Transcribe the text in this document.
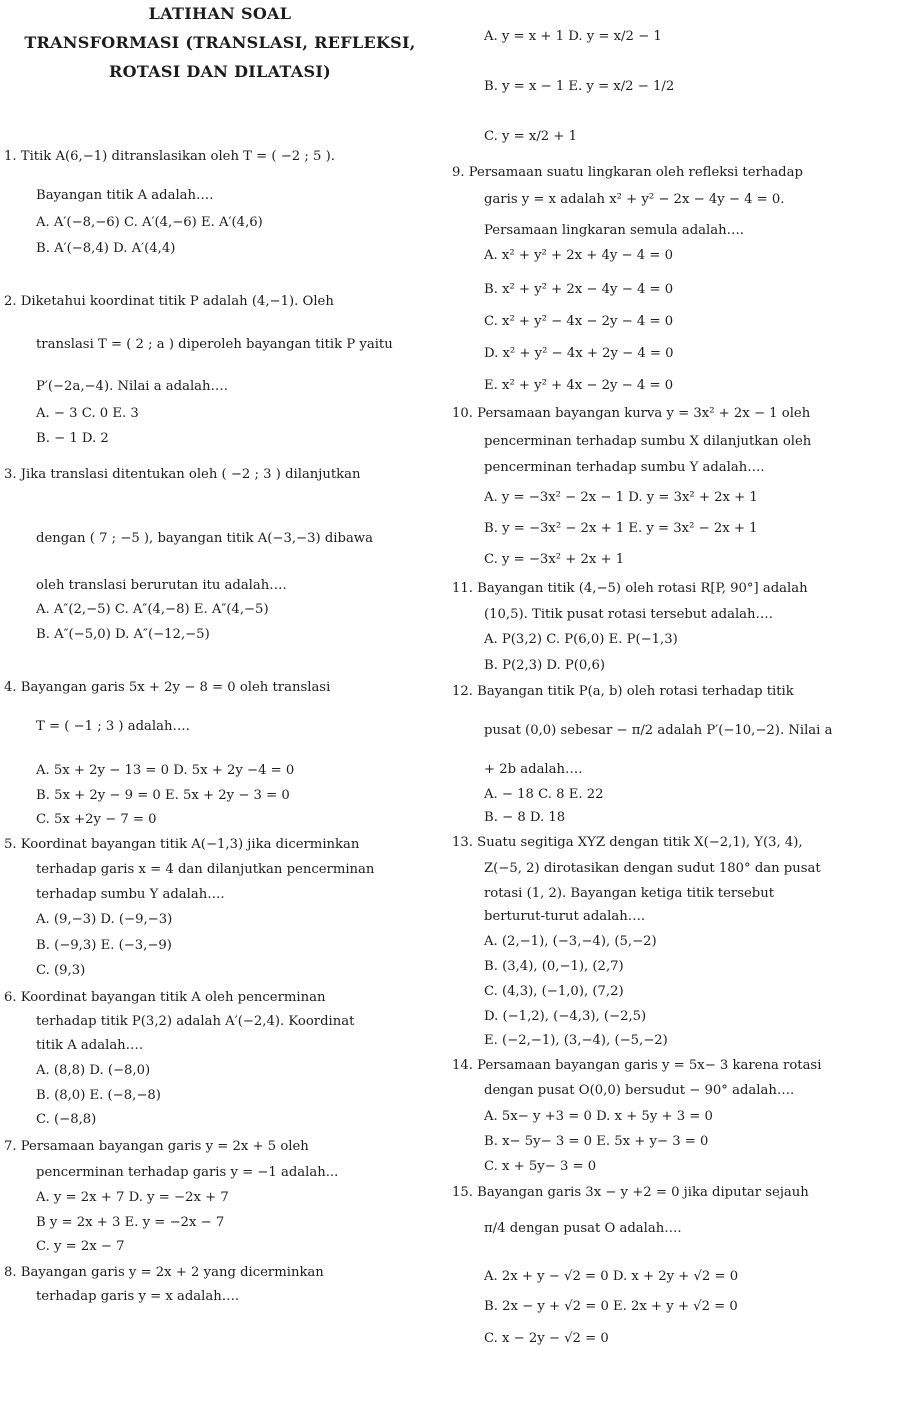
LATIHAN SOAL
TRANSFORMASI (TRANSLASI, REFLEKSI,
ROTASI DAN DILATASI)
1. Titik A(6,−1) ditranslasikan oleh T = ( −2 ; 5 ).
Bayangan titik A adalah….
A. A′(−8,−6) C. A′(4,−6) E. A′(4,6)
B. A′(−8,4) D. A′(4,4)
2. Diketahui koordinat titik P adalah (4,−1). Oleh
translasi T = ( 2 ; a ) diperoleh bayangan titik P yaitu
P′(−2a,−4). Nilai a adalah….
A. − 3 C. 0 E. 3
B. − 1 D. 2
3. Jika translasi ditentukan oleh ( −2 ; 3 ) dilanjutkan
dengan ( 7 ; −5 ), bayangan titik A(−3,−3) dibawa
oleh translasi berurutan itu adalah….
A. A″(2,−5) C. A″(4,−8) E. A″(4,−5)
B. A″(−5,0) D. A″(−12,−5)
4. Bayangan garis 5x + 2y − 8 = 0 oleh translasi
T = ( −1 ; 3 ) adalah….
A. 5x + 2y − 13 = 0 D. 5x + 2y −4 = 0
B. 5x + 2y − 9 = 0 E. 5x + 2y − 3 = 0
C. 5x +2y − 7 = 0
5. Koordinat bayangan titik A(−1,3) jika dicerminkan
terhadap garis x = 4 dan dilanjutkan pencerminan
terhadap sumbu Y adalah….
A. (9,−3) D. (−9,−3)
B. (−9,3) E. (−3,−9)
C. (9,3)
6. Koordinat bayangan titik A oleh pencerminan
terhadap titik P(3,2) adalah A′(−2,4). Koordinat
titik A adalah….
A. (8,8) D. (−8,0)
B. (8,0) E. (−8,−8)
C. (−8,8)
7. Persamaan bayangan garis y = 2x + 5 oleh
pencerminan terhadap garis y = −1 adalah...
A. y = 2x + 7 D. y = −2x + 7
B y = 2x + 3 E. y = −2x − 7
C. y = 2x − 7
8. Bayangan garis y = 2x + 2 yang dicerminkan
terhadap garis y = x adalah….
A. y = x + 1 D. y = x/2 − 1
B. y = x − 1 E. y = x/2 − 1/2
C. y = x/2 + 1
9. Persamaan suatu lingkaran oleh refleksi terhadap
garis y = x adalah x² + y² − 2x − 4y − 4 = 0.
Persamaan lingkaran semula adalah….
A. x² + y² + 2x + 4y − 4 = 0
B. x² + y² + 2x − 4y − 4 = 0
C. x² + y² − 4x − 2y − 4 = 0
D. x² + y² − 4x + 2y − 4 = 0
E. x² + y² + 4x − 2y − 4 = 0
10. Persamaan bayangan kurva y = 3x² + 2x − 1 oleh
pencerminan terhadap sumbu X dilanjutkan oleh
pencerminan terhadap sumbu Y adalah….
A. y = −3x² − 2x − 1 D. y = 3x² + 2x + 1
B. y = −3x² − 2x + 1 E. y = 3x² − 2x + 1
C. y = −3x² + 2x + 1
11. Bayangan titik (4,−5) oleh rotasi R[P, 90°] adalah
(10,5). Titik pusat rotasi tersebut adalah….
A. P(3,2) C. P(6,0) E. P(−1,3)
B. P(2,3) D. P(0,6)
12. Bayangan titik P(a, b) oleh rotasi terhadap titik
pusat (0,0) sebesar − π/2 adalah P′(−10,−2). Nilai a
+ 2b adalah….
A. − 18 C. 8 E. 22
B. − 8 D. 18
13. Suatu segitiga XYZ dengan titik X(−2,1), Y(3, 4),
Z(−5, 2) dirotasikan dengan sudut 180° dan pusat
rotasi (1, 2). Bayangan ketiga titik tersebut
berturut-turut adalah….
A. (2,−1), (−3,−4), (5,−2)
B. (3,4), (0,−1), (2,7)
C. (4,3), (−1,0), (7,2)
D. (−1,2), (−4,3), (−2,5)
E. (−2,−1), (3,−4), (−5,−2)
14. Persamaan bayangan garis y = 5x− 3 karena rotasi
dengan pusat O(0,0) bersudut − 90° adalah….
A. 5x− y +3 = 0 D. x + 5y + 3 = 0
B. x− 5y− 3 = 0 E. 5x + y− 3 = 0
C. x + 5y− 3 = 0
15. Bayangan garis 3x − y +2 = 0 jika diputar sejauh
π/4 dengan pusat O adalah….
A. 2x + y − √2 = 0 D. x + 2y + √2 = 0
B. 2x − y + √2 = 0 E. 2x + y + √2 = 0
C. x − 2y − √2 = 0
